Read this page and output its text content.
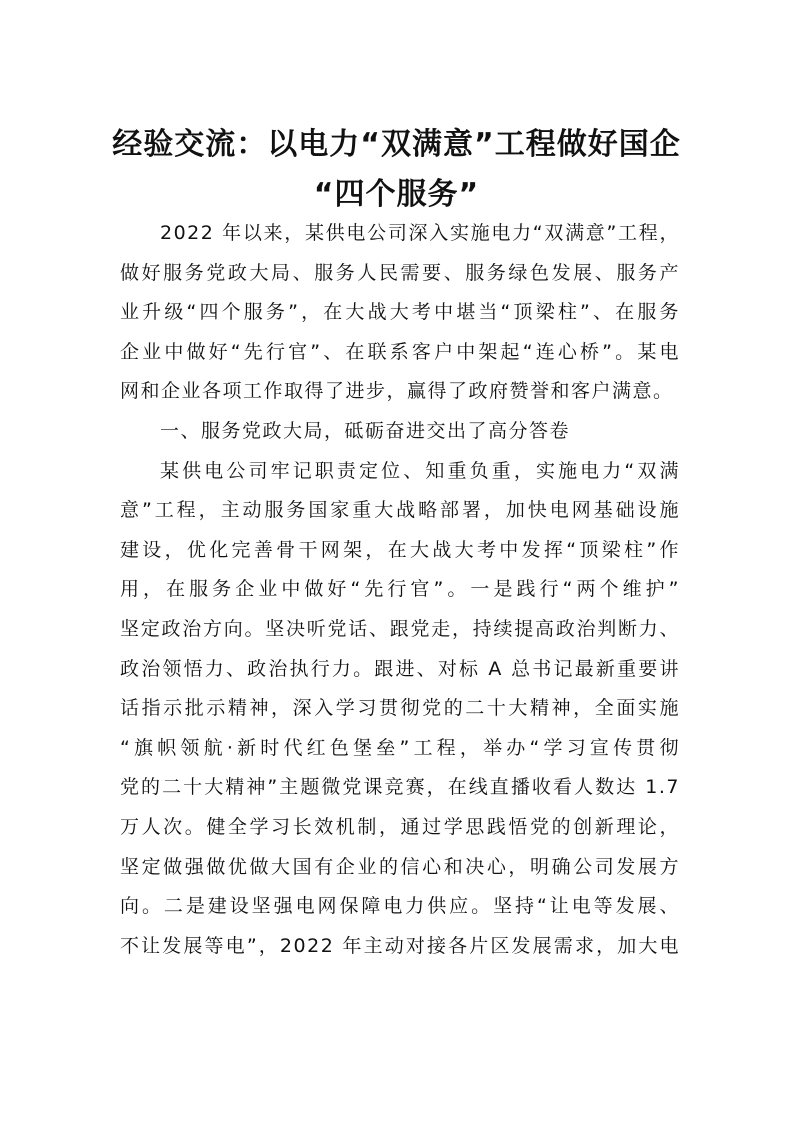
经验交流：以电力“双满意”工程做好国企
“四个服务”
2022 年以来，某供电公司深入实施电力“双满意”工程，
做好服务党政大局、服务人民需要、服务绿色发展、服务产
业升级“四个服务”，在大战大考中堪当“顶梁柱”、在服务
企业中做好“先行官”、在联系客户中架起“连心桥”。某电
网和企业各项工作取得了进步，赢得了政府赞誉和客户满意。
一、服务党政大局，砥砺奋进交出了高分答卷
某供电公司牢记职责定位、知重负重，实施电力“双满
意”工程，主动服务国家重大战略部署，加快电网基础设施
建设，优化完善骨干网架，在大战大考中发挥“顶梁柱”作
用，在服务企业中做好“先行官”。一是践行“两个维护”
坚定政治方向。坚决听党话、跟党走，持续提高政治判断力、
政治领悟力、政治执行力。跟进、对标 A 总书记最新重要讲
话指示批示精神，深入学习贯彻党的二十大精神，全面实施
“旗帜领航·新时代红色堡垒”工程，举办“学习宣传贯彻
党的二十大精神”主题微党课竞赛，在线直播收看人数达 1.7
万人次。健全学习长效机制，通过学思践悟党的创新理论，
坚定做强做优做大国有企业的信心和决心，明确公司发展方
向。二是建设坚强电网保障电力供应。坚持“让电等发展、
不让发展等电”，2022 年主动对接各片区发展需求，加大电
